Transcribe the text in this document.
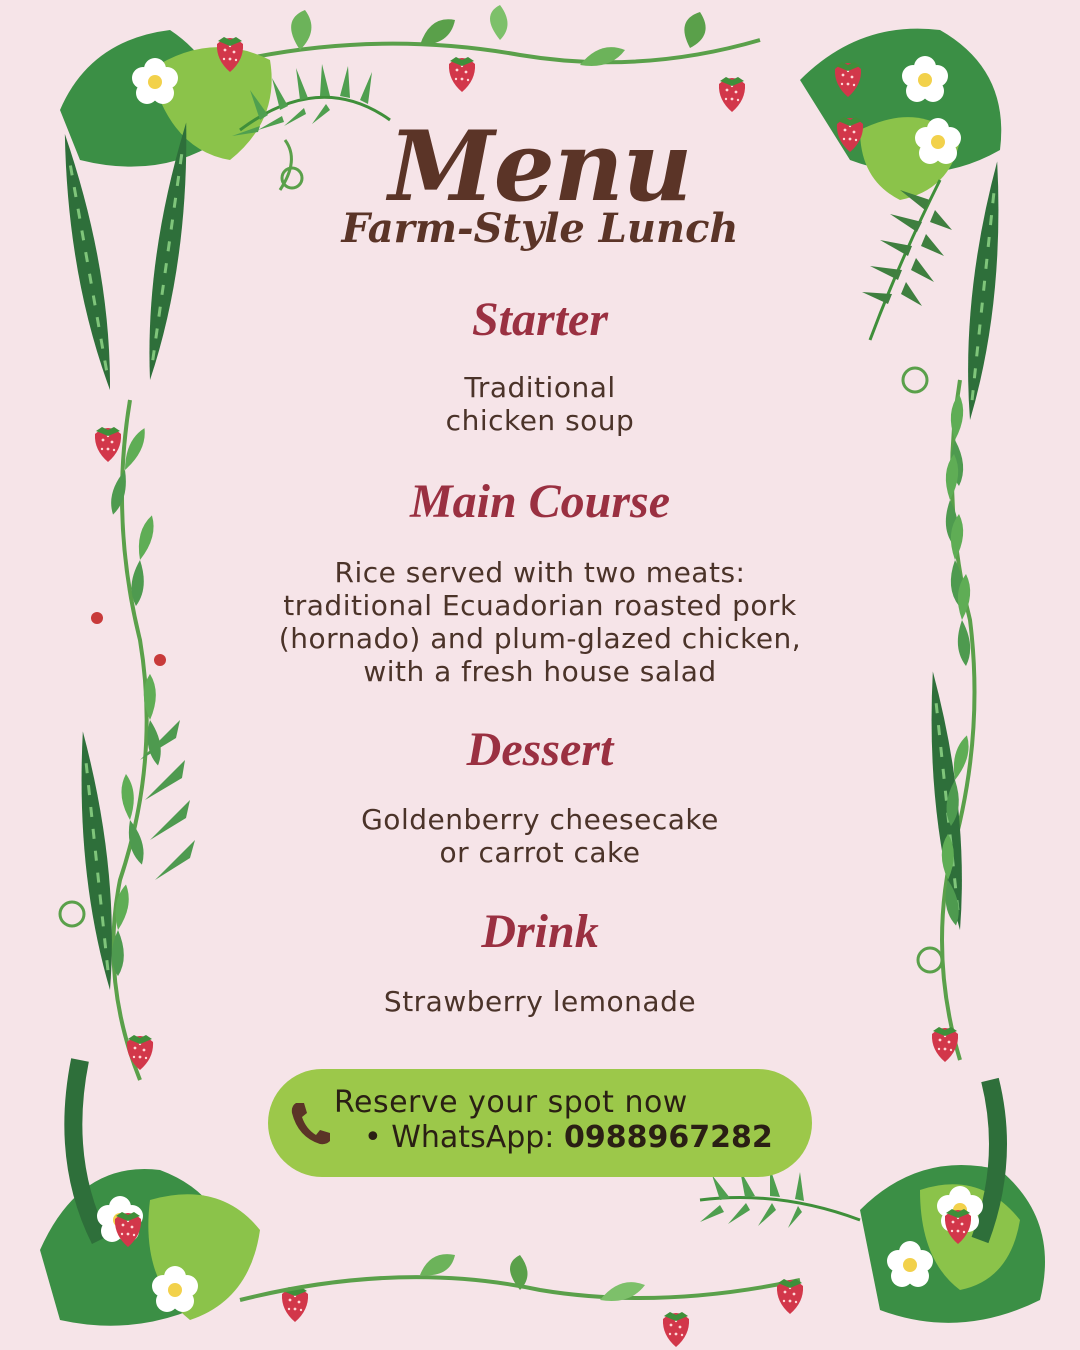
Menu
Farm-Style Lunch
Starter

Traditional
chicken soup

Main Course

Rice served with two meats:
traditional Ecuadorian roasted pork
(hornado) and plum-glazed chicken,
with a fresh house salad

Dessert

Goldenberry cheesecake
or carrot cake

Drink

Strawberry lemonade

Reserve your spot now
• WhatsApp: 0988967282
